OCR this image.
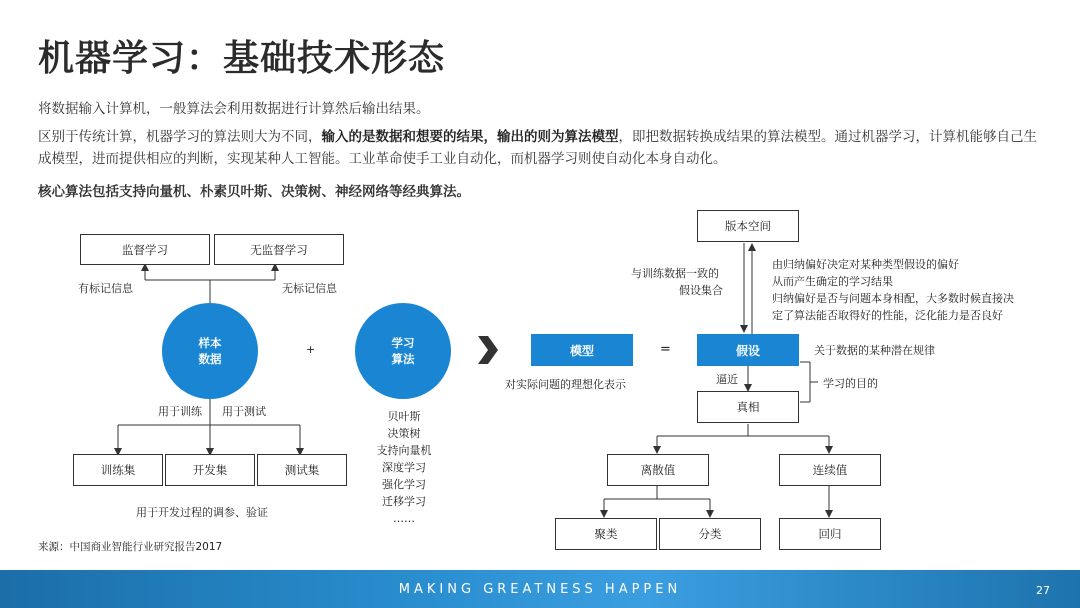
机器学习：基础技术形态
将数据输入计算机，一般算法会利用数据进行计算然后输出结果。
区别于传统计算，机器学习的算法则大为不同，输入的是数据和想要的结果，输出的则为算法模型，即把数据转换成结果的算法模型。通过机器学习，计算机能够自己生成模型，进而提供相应的判断，实现某种人工智能。工业革命使手工业自动化，而机器学习则使自动化本身自动化。
核心算法包括支持向量机、朴素贝叶斯、决策树、神经网络等经典算法。
监督学习	无监督学习
有标记信息	无标记信息
样本
数据
+	学习
算法
用于训练 用于测试
训练集	开发集	测试集
用于开发过程的调参、验证
贝叶斯
决策树
支持向量机
深度学习
强化学习
迁移学习
……
模型	=
对实际问题的理想化表示
版本空间
与训练数据一致的
假设集合
由归纳偏好决定对某种类型假设的偏好
从而产生确定的学习结果
归纳偏好是否与问题本身相配，大多数时候直接决
定了算法能否取得好的性能，泛化能力是否良好
假设	关于数据的某种潜在规律
逼近	学习的目的
真相
离散值	连续值
聚类	分类	回归
来源：中国商业智能行业研究报告2017
MAKING GREATNESS HAPPEN	27
